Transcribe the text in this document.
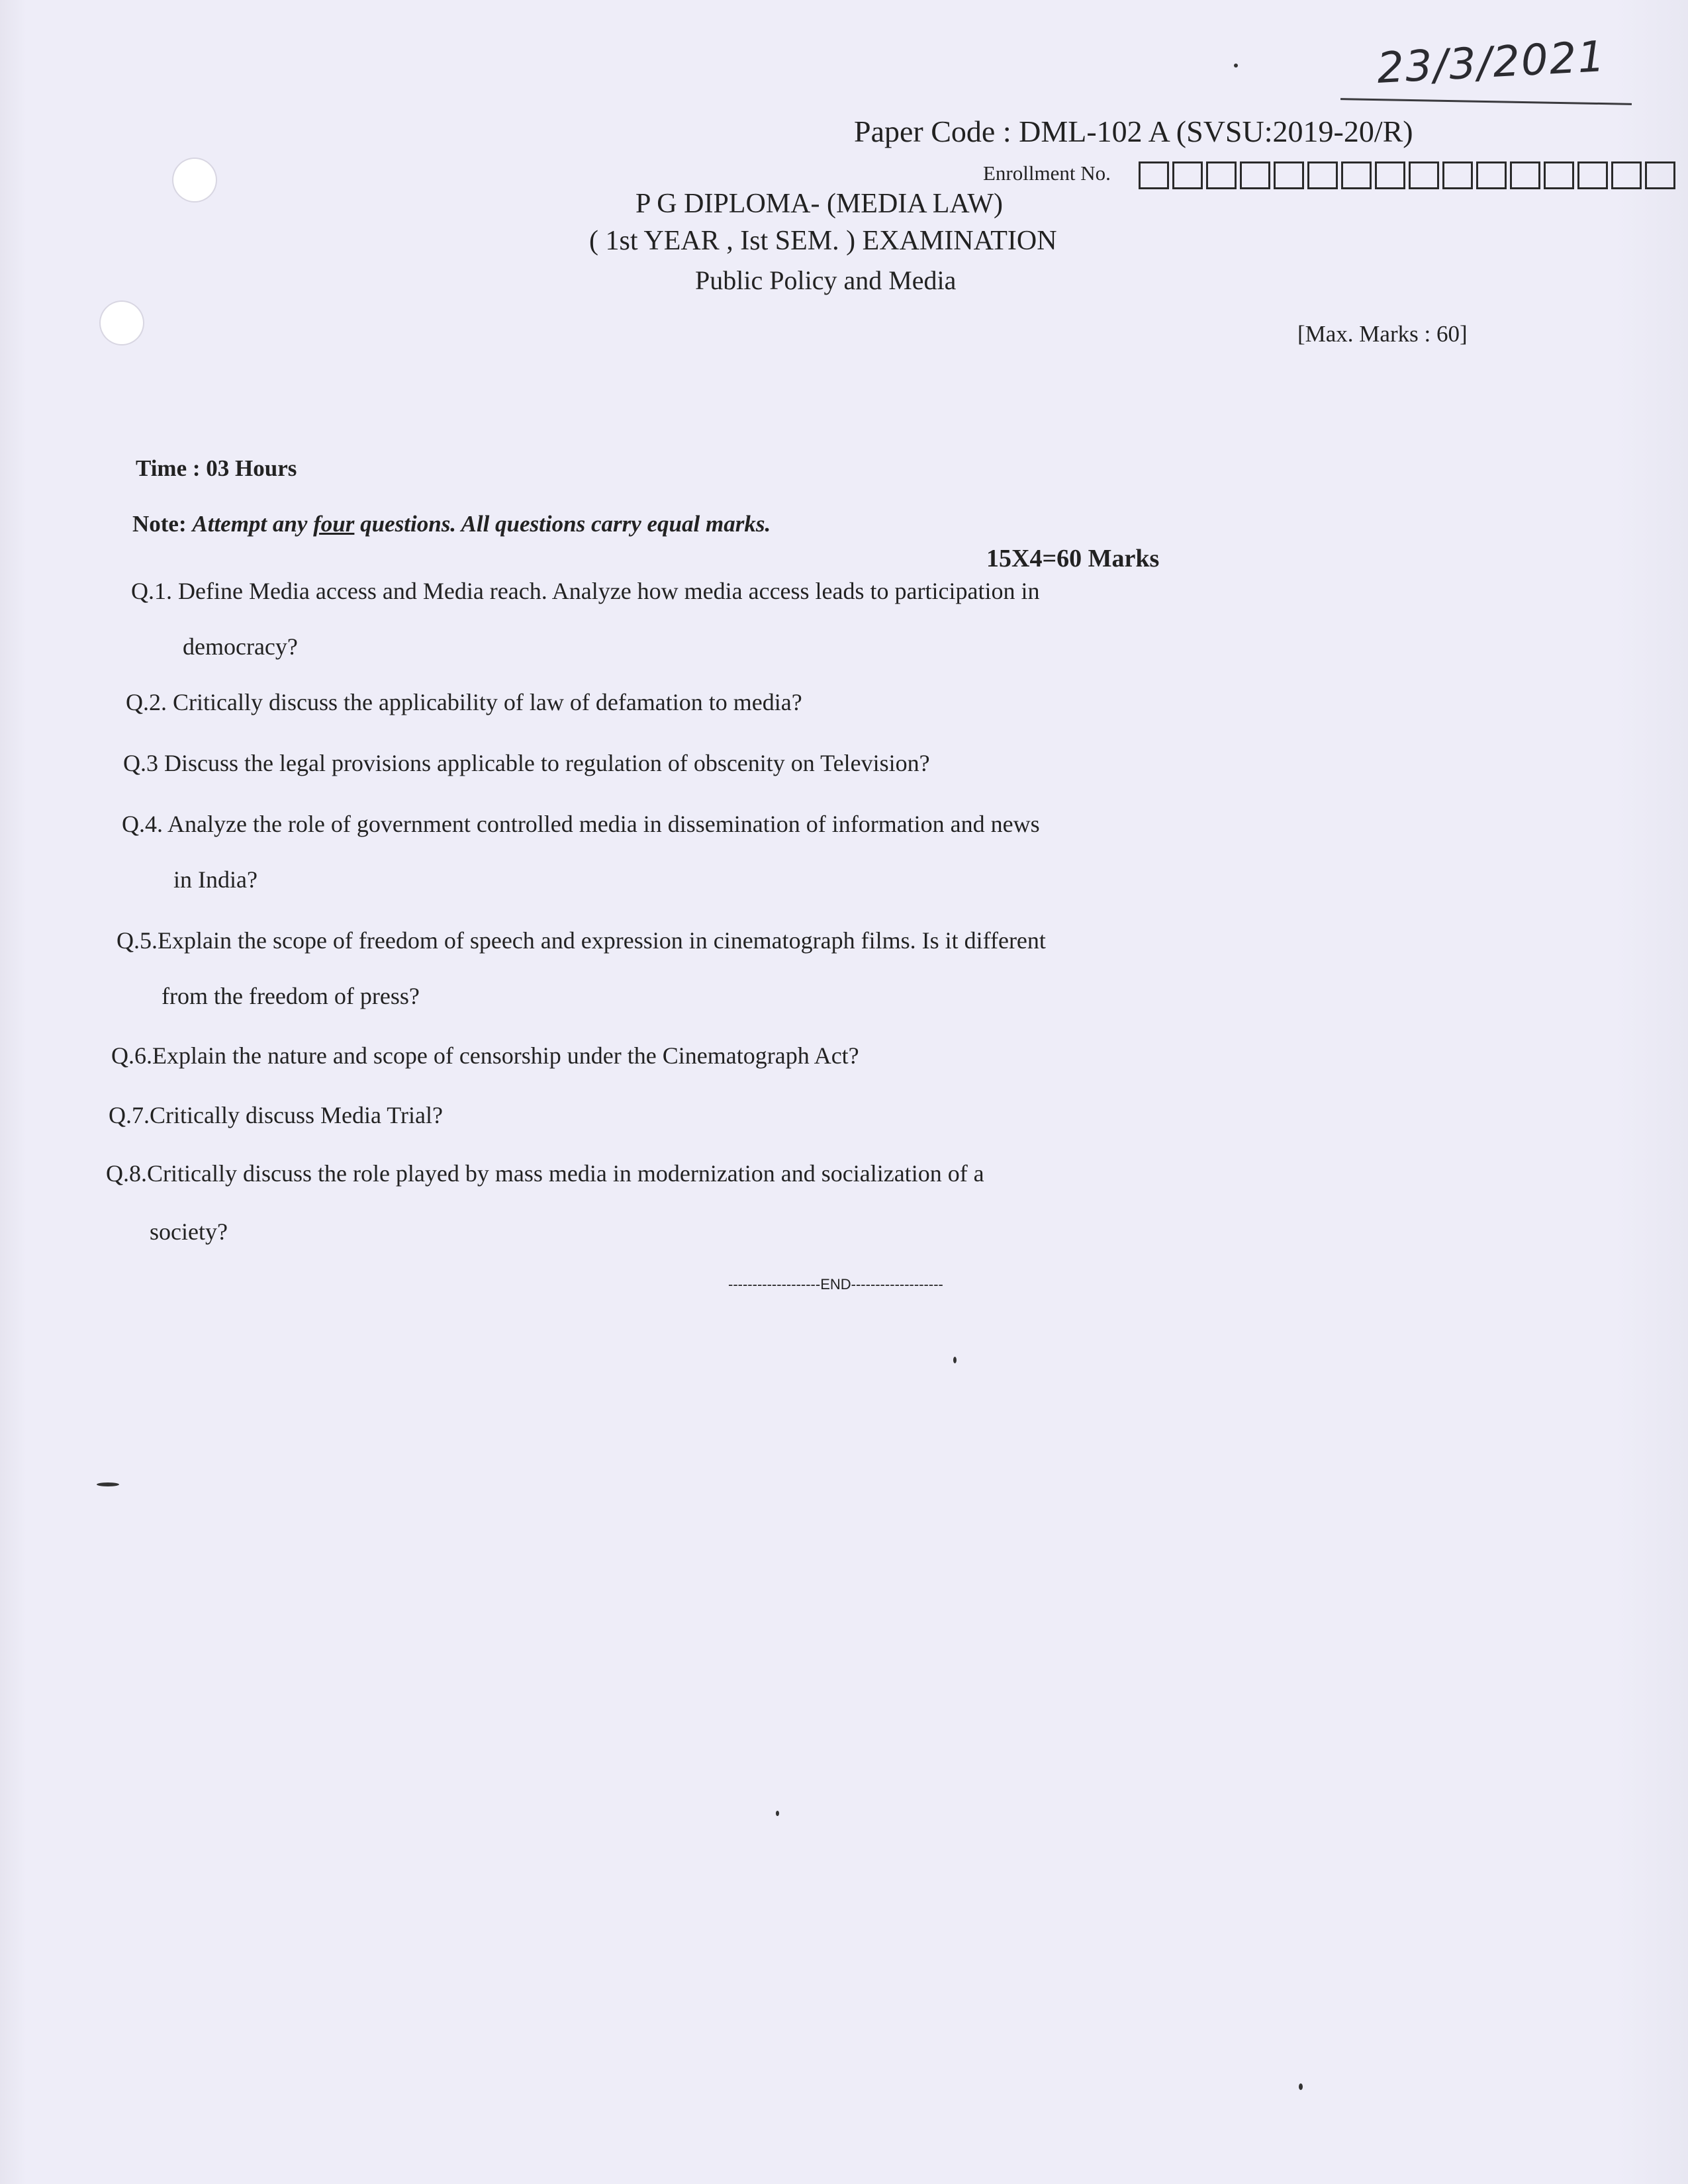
23/3/2021
Paper Code : DML-102 A (SVSU:2019-20/R)
Enrollment No.
P G DIPLOMA- (MEDIA LAW)
( 1st YEAR , Ist SEM. ) EXAMINATION
Public Policy and Media
[Max. Marks : 60]
Time : 03 Hours
Note: Attempt any four questions. All questions carry equal marks.
15X4=60 Marks
Q.1. Define Media access and Media reach. Analyze how media access leads to participation in
democracy?
Q.2. Critically discuss the applicability of law of defamation to media?
Q.3 Discuss the legal provisions applicable to regulation of obscenity on Television?
Q.4. Analyze the role of government controlled media in dissemination of information and news
in India?
Q.5.Explain the scope of freedom of speech and expression in cinematograph films. Is it different
from the freedom of press?
Q.6.Explain the nature and scope of censorship under the Cinematograph Act?
Q.7.Critically discuss Media Trial?
Q.8.Critically discuss the role played by mass media in modernization and socialization of a
society?
-------------------END-------------------
